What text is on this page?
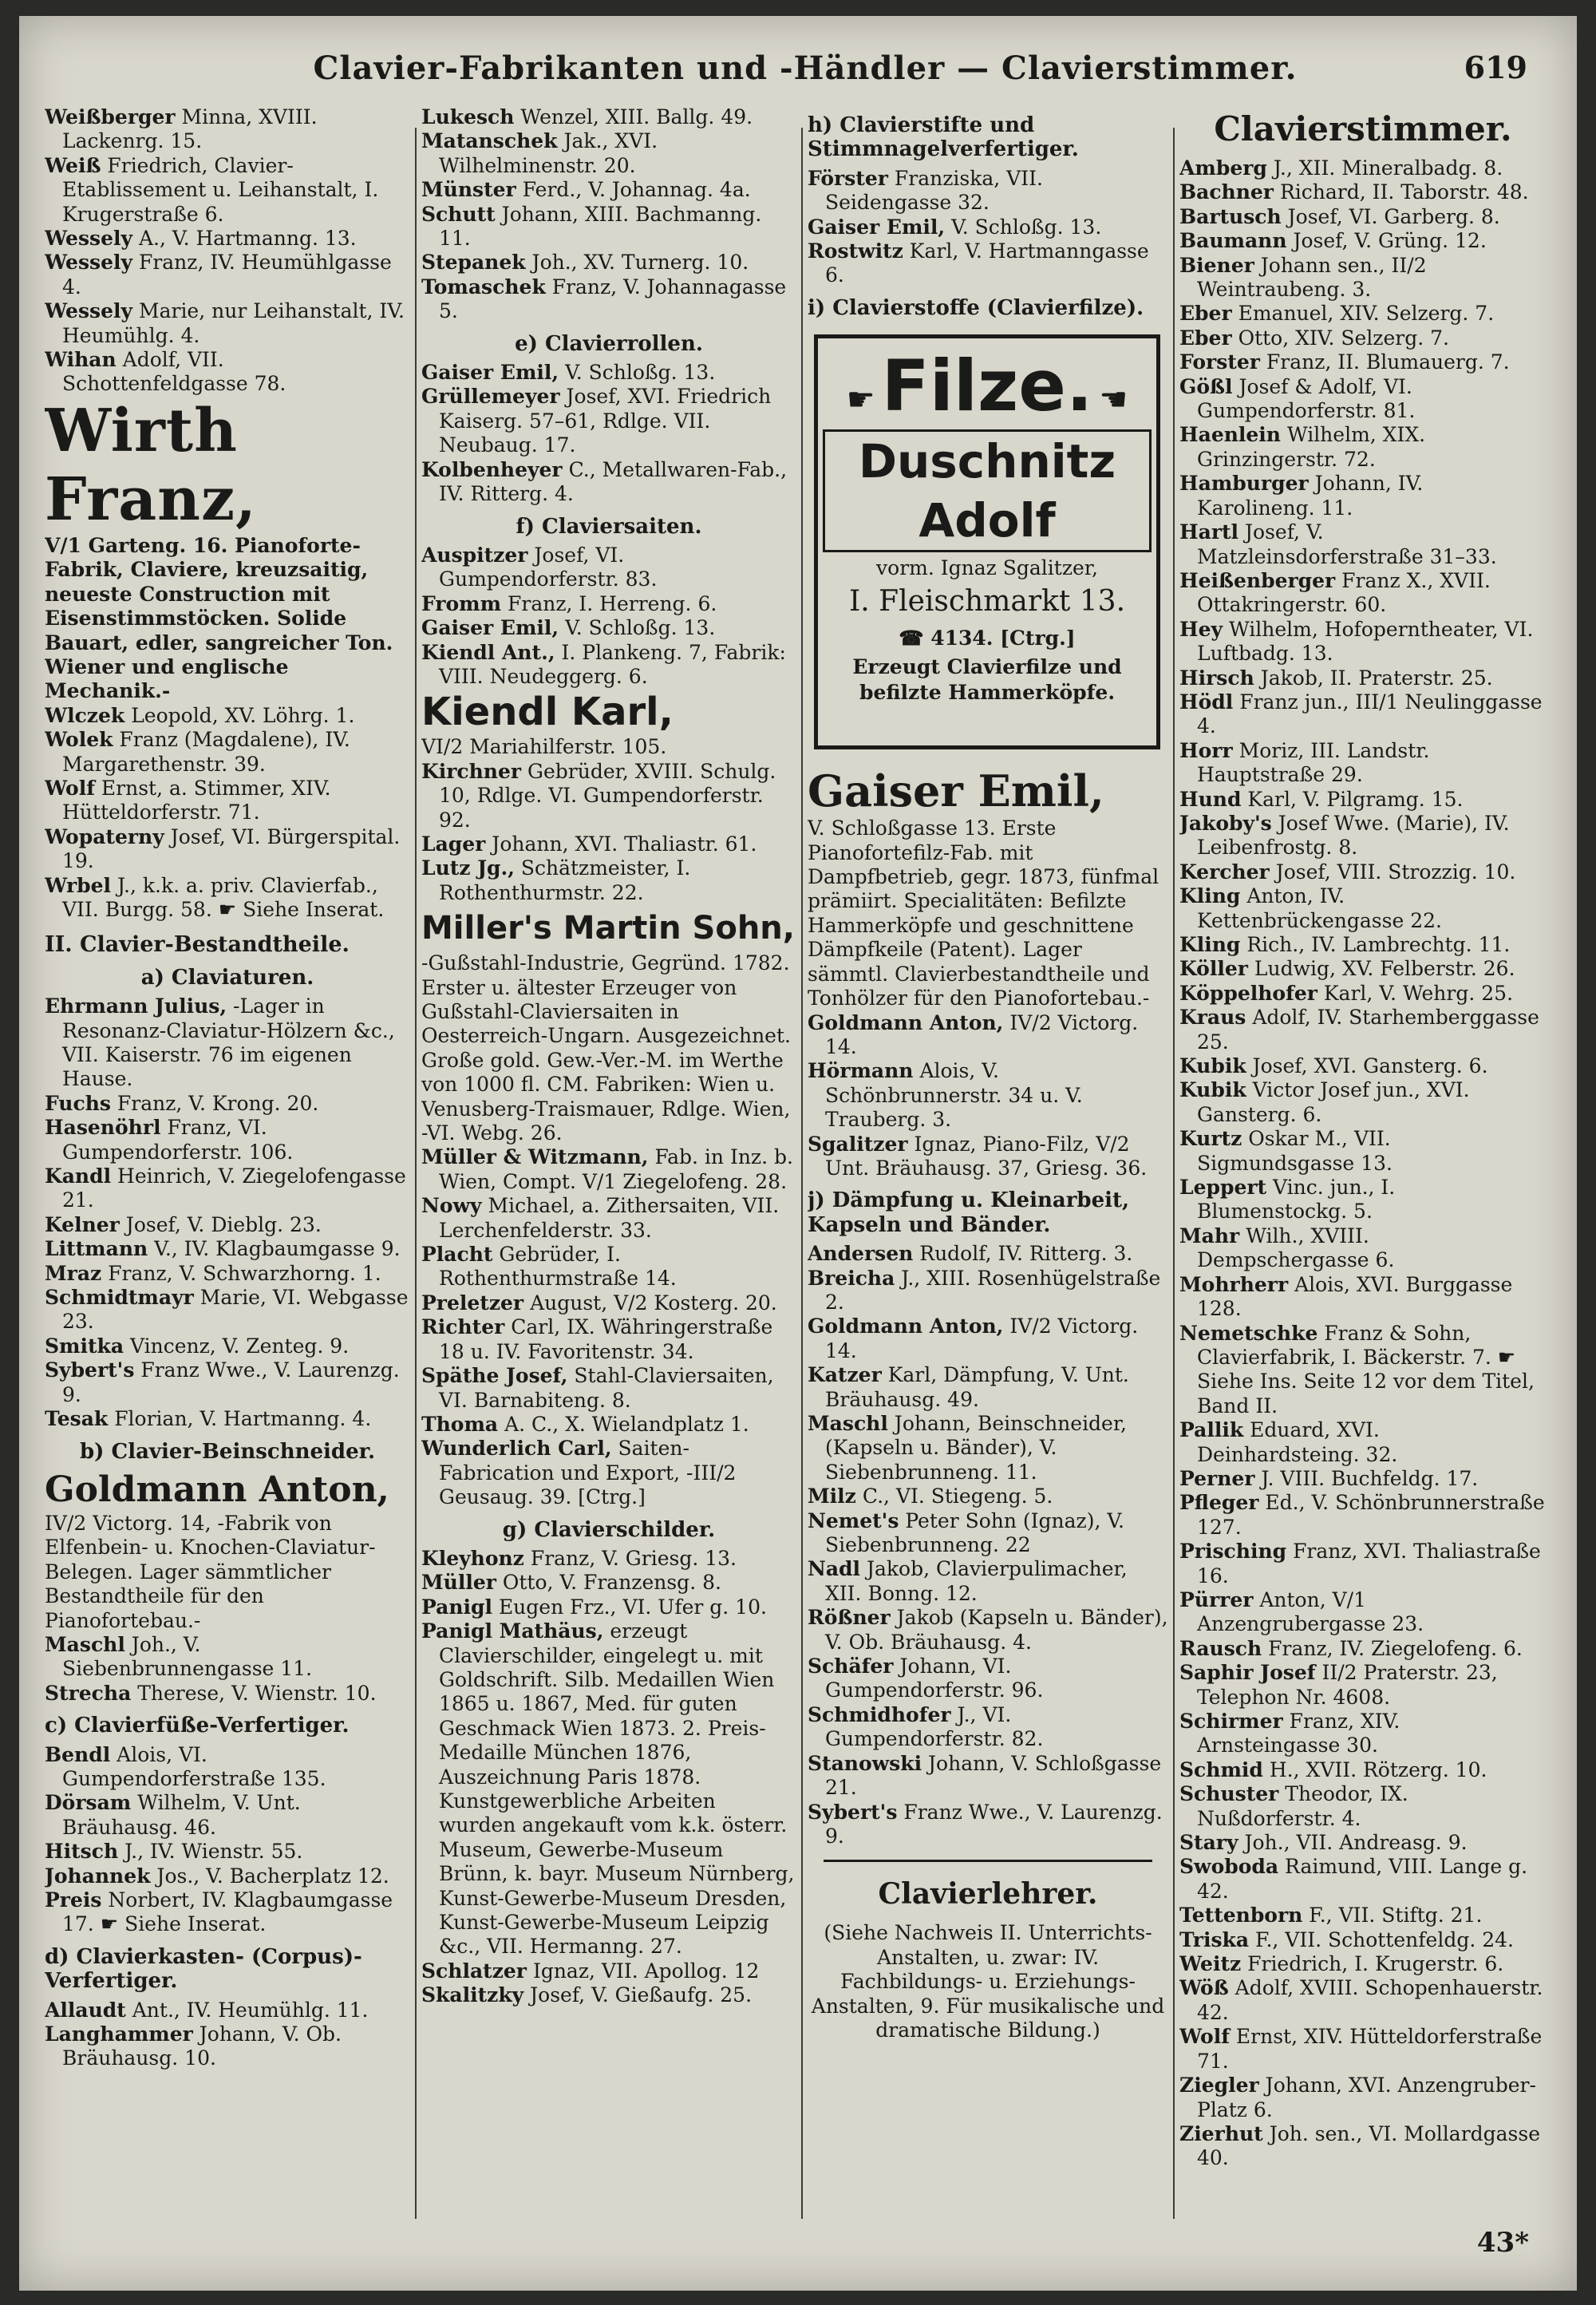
Clavier-Fabrikanten und -Händler — Clavierstimmer.	619
Weißberger Minna, XVIII. Lackenrg. 15.
Weiß Friedrich, Clavier-Etablissement u. Leihanstalt, I. Krugerstraße 6.
Wessely A., V. Hartmanng. 13.
Wessely Franz, IV. Heumühlgasse 4.
Wessely Marie, nur Leihanstalt, IV. Heumühlg. 4.
Wihan Adolf, VII. Schottenfeldgasse 78.
Wirth Franz,
V/1 Garteng. 16. Pianoforte-Fabrik, Claviere, kreuzsaitig, neueste Construction mit Eisenstimmstöcken. Solide Bauart, edler, sangreicher Ton. Wiener und englische Mechanik.-
Wlczek Leopold, XV. Löhrg. 1.
Wolek Franz (Magdalene), IV. Margarethenstr. 39.
Wolf Ernst, a. Stimmer, XIV. Hütteldorferstr. 71.
Wopaterny Josef, VI. Bürgerspital. 19.
Wrbel J., k.k. a. priv. Clavierfab., VII. Burgg. 58. ☛ Siehe Inserat.
II. Clavier-Bestandtheile.
a) Claviaturen.
Ehrmann Julius, -Lager in Resonanz-Claviatur-Hölzern &c., VII. Kaiserstr. 76 im eigenen Hause.
Fuchs Franz, V. Krong. 20.
Hasenöhrl Franz, VI. Gumpendorferstr. 106.
Kandl Heinrich, V. Ziegelofengasse 21.
Kelner Josef, V. Dieblg. 23.
Littmann V., IV. Klagbaumgasse 9.
Mraz Franz, V. Schwarzhorng. 1.
Schmidtmayr Marie, VI. Webgasse 23.
Smitka Vincenz, V. Zenteg. 9.
Sybert's Franz Wwe., V. Laurenzg. 9.
Tesak Florian, V. Hartmanng. 4.
b) Clavier-Beinschneider.
Goldmann Anton,
IV/2 Victorg. 14, -Fabrik von Elfenbein- u. Knochen-Claviatur-Belegen. Lager sämmtlicher Bestandtheile für den Pianofortebau.-
Maschl Joh., V. Siebenbrunnengasse 11.
Strecha Therese, V. Wienstr. 10.
c) Clavierfüße-Verfertiger.
Bendl Alois, VI. Gumpendorferstraße 135.
Dörsam Wilhelm, V. Unt. Bräuhausg. 46.
Hitsch J., IV. Wienstr. 55.
Johannek Jos., V. Bacherplatz 12.
Preis Norbert, IV. Klagbaumgasse 17. ☛ Siehe Inserat.
d) Clavierkasten- (Corpus)-Verfertiger.
Allaudt Ant., IV. Heumühlg. 11.
Langhammer Johann, V. Ob. Bräuhausg. 10.
Lukesch Wenzel, XIII. Ballg. 49.
Matanschek Jak., XVI. Wilhelminenstr. 20.
Münster Ferd., V. Johannag. 4a.
Schutt Johann, XIII. Bachmanng. 11.
Stepanek Joh., XV. Turnerg. 10.
Tomaschek Franz, V. Johannagasse 5.
e) Clavierrollen.
Gaiser Emil, V. Schloßg. 13.
Grüllemeyer Josef, XVI. Friedrich Kaiserg. 57–61, Rdlge. VII. Neubaug. 17.
Kolbenheyer C., Metallwaren-Fab., IV. Ritterg. 4.
f) Claviersaiten.
Auspitzer Josef, VI. Gumpendorferstr. 83.
Fromm Franz, I. Herreng. 6.
Gaiser Emil, V. Schloßg. 13.
Kiendl Ant., I. Plankeng. 7, Fabrik: VIII. Neudeggerg. 6.
Kiendl Karl,
VI/2 Mariahilferstr. 105.
Kirchner Gebrüder, XVIII. Schulg. 10, Rdlge. VI. Gumpendorferstr. 92.
Lager Johann, XVI. Thaliastr. 61.
Lutz Jg., Schätzmeister, I. Rothenthurmstr. 22.
Miller's Martin Sohn,
-Gußstahl-Industrie, Gegründ. 1782. Erster u. ältester Erzeuger von Gußstahl-Claviersaiten in Oesterreich-Ungarn. Ausgezeichnet. Große gold. Gew.-Ver.-M. im Werthe von 1000 fl. CM. Fabriken: Wien u. Venusberg-Traismauer, Rdlge. Wien, -VI. Webg. 26.
Müller & Witzmann, Fab. in Inz. b. Wien, Compt. V/1 Ziegelofeng. 28.
Nowy Michael, a. Zithersaiten, VII. Lerchenfelderstr. 33.
Placht Gebrüder, I. Rothenthurmstraße 14.
Preletzer August, V/2 Kosterg. 20.
Richter Carl, IX. Währingerstraße 18 u. IV. Favoritenstr. 34.
Späthe Josef, Stahl-Claviersaiten, VI. Barnabiteng. 8.
Thoma A. C., X. Wielandplatz 1.
Wunderlich Carl, Saiten-Fabrication und Export, -III/2 Geusaug. 39. [Ctrg.]
g) Clavierschilder.
Kleyhonz Franz, V. Griesg. 13.
Müller Otto, V. Franzensg. 8.
Panigl Eugen Frz., VI. Ufer g. 10.
Panigl Mathäus, erzeugt Clavierschilder, eingelegt u. mit Goldschrift. Silb. Medaillen Wien 1865 u. 1867, Med. für guten Geschmack Wien 1873. 2. Preis-Medaille München 1876, Auszeichnung Paris 1878. Kunstgewerbliche Arbeiten wurden angekauft vom k.k. österr. Museum, Gewerbe-Museum Brünn, k. bayr. Museum Nürnberg, Kunst-Gewerbe-Museum Dresden, Kunst-Gewerbe-Museum Leipzig &c., VII. Hermanng. 27.
Schlatzer Ignaz, VII. Apollog. 12
Skalitzky Josef, V. Gießaufg. 25.
h) Clavierstifte und Stimmnagelverfertiger.
Förster Franziska, VII. Seidengasse 32.
Gaiser Emil, V. Schloßg. 13.
Rostwitz Karl, V. Hartmanngasse 6.
i) Clavierstoffe (Clavierfilze).
☛ Filze. ☚
Duschnitz Adolf
vorm. Ignaz Sgalitzer,
I. Fleischmarkt 13.
☎ 4134. [Ctrg.]
Erzeugt Clavierfilze und befilzte Hammerköpfe.
Gaiser Emil,
V. Schloßgasse 13. Erste Pianofortefilz-Fab. mit Dampfbetrieb, gegr. 1873, fünfmal prämiirt. Specialitäten: Befilzte Hammerköpfe und geschnittene Dämpfkeile (Patent). Lager sämmtl. Clavierbestandtheile und Tonhölzer für den Pianofortebau.-
Goldmann Anton, IV/2 Victorg. 14.
Hörmann Alois, V. Schönbrunnerstr. 34 u. V. Trauberg. 3.
Sgalitzer Ignaz, Piano-Filz, V/2 Unt. Bräuhausg. 37, Griesg. 36.
j) Dämpfung u. Kleinarbeit, Kapseln und Bänder.
Andersen Rudolf, IV. Ritterg. 3.
Breicha J., XIII. Rosenhügelstraße 2.
Goldmann Anton, IV/2 Victorg. 14.
Katzer Karl, Dämpfung, V. Unt. Bräuhausg. 49.
Maschl Johann, Beinschneider, (Kapseln u. Bänder), V. Siebenbrunneng. 11.
Milz C., VI. Stiegeng. 5.
Nemet's Peter Sohn (Ignaz), V. Siebenbrunneng. 22
Nadl Jakob, Clavierpulimacher, XII. Bonng. 12.
Rößner Jakob (Kapseln u. Bänder), V. Ob. Bräuhausg. 4.
Schäfer Johann, VI. Gumpendorferstr. 96.
Schmidhofer J., VI. Gumpendorferstr. 82.
Stanowski Johann, V. Schloßgasse 21.
Sybert's Franz Wwe., V. Laurenzg. 9.
Clavierlehrer.
(Siehe Nachweis II. Unterrichts-Anstalten, u. zwar: IV. Fachbildungs- u. Erziehungs-Anstalten, 9. Für musikalische und dramatische Bildung.)
Clavierstimmer.
Amberg J., XII. Mineralbadg. 8.
Bachner Richard, II. Taborstr. 48.
Bartusch Josef, VI. Garberg. 8.
Baumann Josef, V. Grüng. 12.
Biener Johann sen., II/2 Weintraubeng. 3.
Eber Emanuel, XIV. Selzerg. 7.
Eber Otto, XIV. Selzerg. 7.
Forster Franz, II. Blumauerg. 7.
Gößl Josef & Adolf, VI. Gumpendorferstr. 81.
Haenlein Wilhelm, XIX. Grinzingerstr. 72.
Hamburger Johann, IV. Karolineng. 11.
Hartl Josef, V. Matzleinsdorferstraße 31–33.
Heißenberger Franz X., XVII. Ottakringerstr. 60.
Hey Wilhelm, Hofoperntheater, VI. Luftbadg. 13.
Hirsch Jakob, II. Praterstr. 25.
Hödl Franz jun., III/1 Neulinggasse 4.
Horr Moriz, III. Landstr. Hauptstraße 29.
Hund Karl, V. Pilgramg. 15.
Jakoby's Josef Wwe. (Marie), IV. Leibenfrostg. 8.
Kercher Josef, VIII. Strozzig. 10.
Kling Anton, IV. Kettenbrückengasse 22.
Kling Rich., IV. Lambrechtg. 11.
Köller Ludwig, XV. Felberstr. 26.
Köppelhofer Karl, V. Wehrg. 25.
Kraus Adolf, IV. Starhemberggasse 25.
Kubik Josef, XVI. Gansterg. 6.
Kubik Victor Josef jun., XVI. Gansterg. 6.
Kurtz Oskar M., VII. Sigmundsgasse 13.
Leppert Vinc. jun., I. Blumenstockg. 5.
Mahr Wilh., XVIII. Dempschergasse 6.
Mohrherr Alois, XVI. Burggasse 128.
Nemetschke Franz & Sohn, Clavierfabrik, I. Bäckerstr. 7. ☛ Siehe Ins. Seite 12 vor dem Titel, Band II.
Pallik Eduard, XVI. Deinhardsteing. 32.
Perner J. VIII. Buchfeldg. 17.
Pfleger Ed., V. Schönbrunnerstraße 127.
Prisching Franz, XVI. Thaliastraße 16.
Pürrer Anton, V/1 Anzengrubergasse 23.
Rausch Franz, IV. Ziegelofeng. 6.
Saphir Josef II/2 Praterstr. 23, Telephon Nr. 4608.
Schirmer Franz, XIV. Arnsteingasse 30.
Schmid H., XVII. Rötzerg. 10.
Schuster Theodor, IX. Nußdorferstr. 4.
Stary Joh., VII. Andreasg. 9.
Swoboda Raimund, VIII. Lange g. 42.
Tettenborn F., VII. Stiftg. 21.
Triska F., VII. Schottenfeldg. 24.
Weitz Friedrich, I. Krugerstr. 6.
Wöß Adolf, XVIII. Schopenhauerstr. 42.
Wolf Ernst, XIV. Hütteldorferstraße 71.
Ziegler Johann, XVI. Anzengruber-Platz 6.
Zierhut Joh. sen., VI. Mollardgasse 40.
43*
